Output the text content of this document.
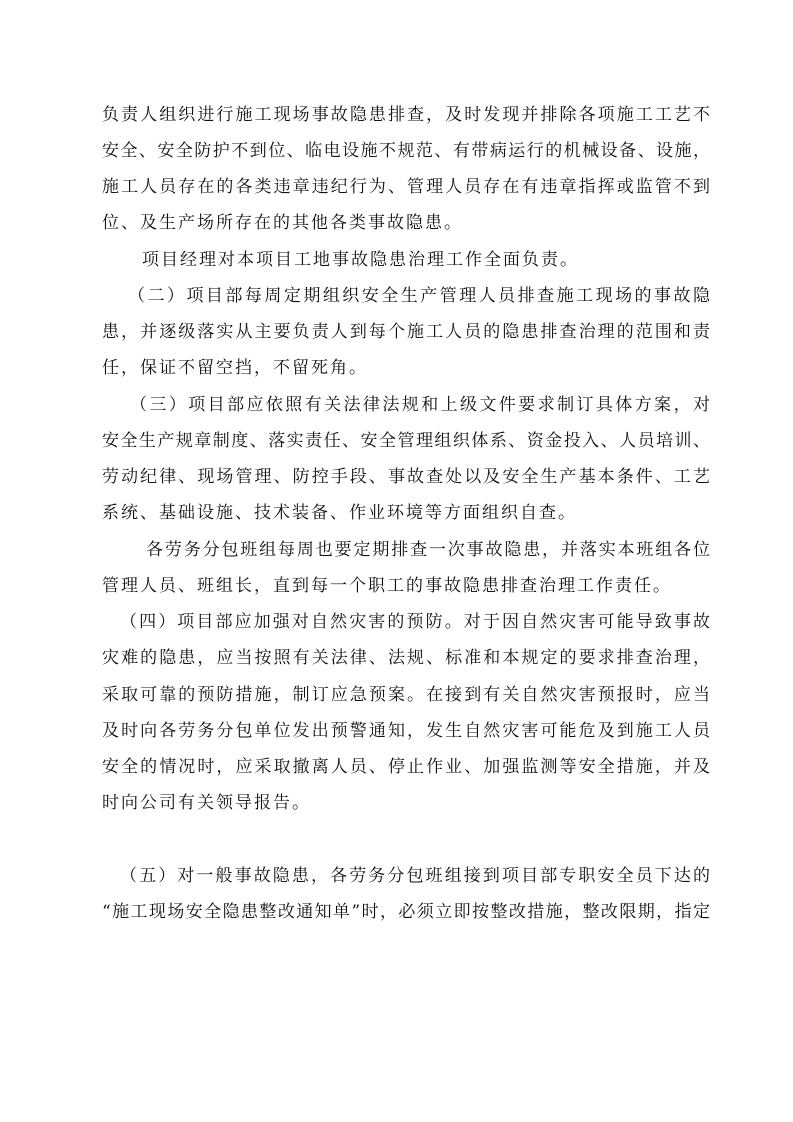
负责人组织进行施工现场事故隐患排查，及时发现并排除各项施工工艺不
安全、安全防护不到位、临电设施不规范、有带病运行的机械设备、设施，
施工人员存在的各类违章违纪行为、管理人员存在有违章指挥或监管不到
位、及生产场所存在的其他各类事故隐患。
项目经理对本项目工地事故隐患治理工作全面负责。
（二）项目部每周定期组织安全生产管理人员排查施工现场的事故隐
患，并逐级落实从主要负责人到每个施工人员的隐患排查治理的范围和责
任，保证不留空挡，不留死角。
（三）项目部应依照有关法律法规和上级文件要求制订具体方案，对
安全生产规章制度、落实责任、安全管理组织体系、资金投入、人员培训、
劳动纪律、现场管理、防控手段、事故查处以及安全生产基本条件、工艺
系统、基础设施、技术装备、作业环境等方面组织自查。
各劳务分包班组每周也要定期排查一次事故隐患，并落实本班组各位
管理人员、班组长，直到每一个职工的事故隐患排查治理工作责任。
（四）项目部应加强对自然灾害的预防。对于因自然灾害可能导致事故
灾难的隐患，应当按照有关法律、法规、标准和本规定的要求排查治理，
采取可靠的预防措施，制订应急预案。在接到有关自然灾害预报时，应当
及时向各劳务分包单位发出预警通知，发生自然灾害可能危及到施工人员
安全的情况时，应采取撤离人员、停止作业、加强监测等安全措施，并及
时向公司有关领导报告。
（五）对一般事故隐患，各劳务分包班组接到项目部专职安全员下达的
“施工现场安全隐患整改通知单”时，必须立即按整改措施，整改限期，指定
